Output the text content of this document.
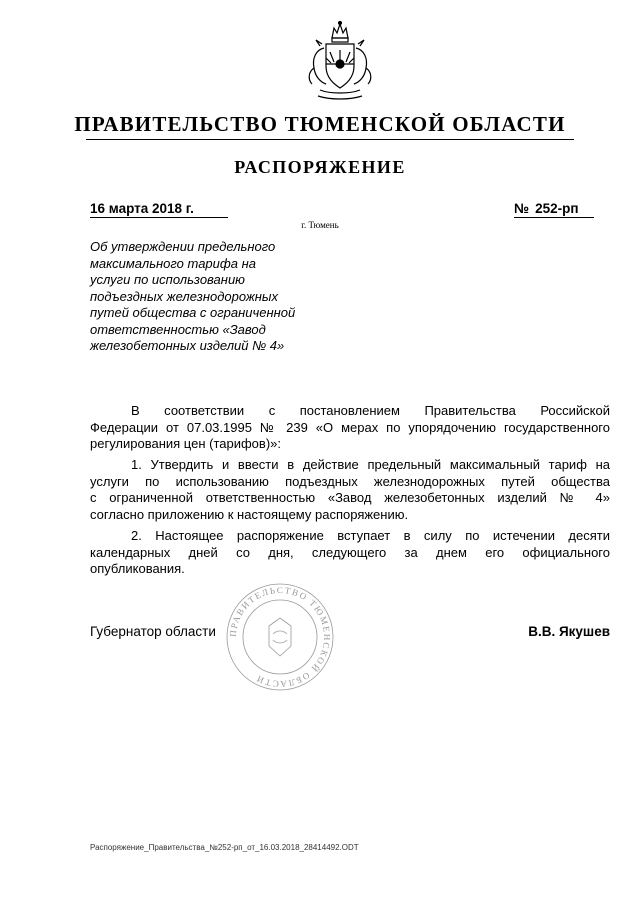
ПРАВИТЕЛЬСТВО ТЮМЕНСКОЙ ОБЛАСТИ
РАСПОРЯЖЕНИЕ
16 марта 2018 г.	№ 252-рп
г. Тюмень
Об утверждении предельного
максимального тарифа на
услуги по использованию
подъездных железнодорожных
путей общества с ограниченной
ответственностью «Завод
железобетонных изделий № 4»
В соответствии с постановлением Правительства Российской
Федерации от 07.03.1995 № 239 «О мерах по упорядочению государственного
регулирования цен (тарифов)»:
1. Утвердить и ввести в действие предельный максимальный тариф на
услуги по использованию подъездных железнодорожных путей общества
с ограниченной ответственностью «Завод железобетонных изделий № 4»
согласно приложению к настоящему распоряжению.
2. Настоящее распоряжение вступает в силу по истечении десяти
календарных дней со дня, следующего за днем его официального
опубликования.
ПРАВИТЕЛЬСТВО ТЮМЕНСКОЙ ОБЛАСТИ
Губернатор области	В.В. Якушев
Распоряжение_Правительства_№252-рп_от_16.03.2018_28414492.ODT
